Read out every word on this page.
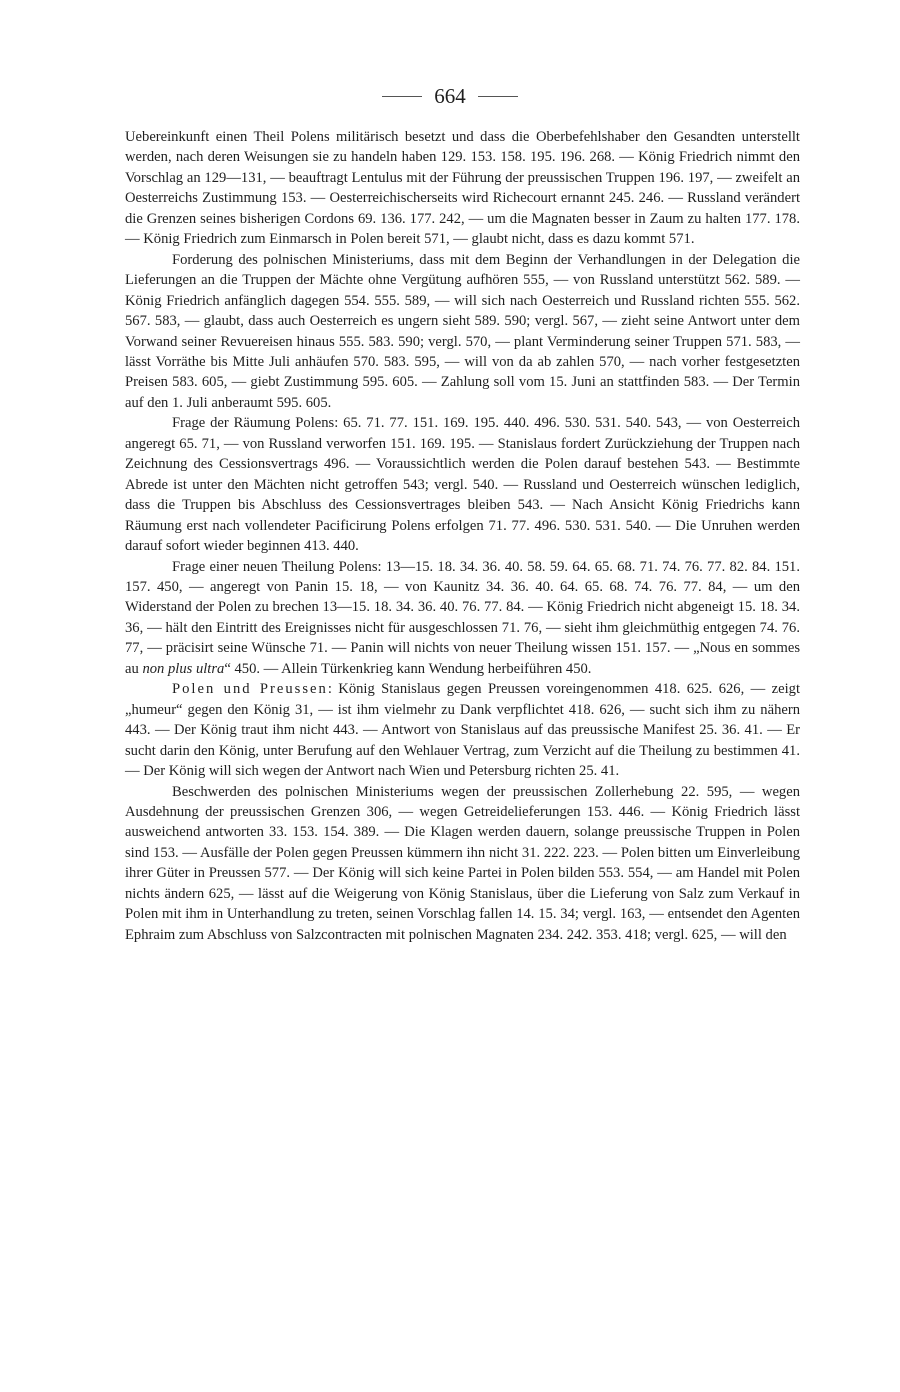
664

Uebereinkunft einen Theil Polens militärisch besetzt und dass die Oberbefehlshaber den Gesandten unterstellt werden, nach deren Weisungen sie zu handeln haben 129. 153. 158. 195. 196. 268. — König Friedrich nimmt den Vorschlag an 129—131, — beauftragt Lentulus mit der Führung der preussischen Truppen 196. 197, — zweifelt an Oesterreichs Zustimmung 153. — Oesterreichischerseits wird Richecourt ernannt 245. 246. — Russland verändert die Grenzen seines bisherigen Cordons 69. 136. 177. 242, — um die Magnaten besser in Zaum zu halten 177. 178. — König Friedrich zum Einmarsch in Polen bereit 571, — glaubt nicht, dass es dazu kommt 571.

Forderung des polnischen Ministeriums, dass mit dem Beginn der Verhandlungen in der Delegation die Lieferungen an die Truppen der Mächte ohne Vergütung aufhören 555, — von Russland unterstützt 562. 589. — König Friedrich anfänglich dagegen 554. 555. 589, — will sich nach Oesterreich und Russland richten 555. 562. 567. 583, — glaubt, dass auch Oesterreich es ungern sieht 589. 590; vergl. 567, — zieht seine Antwort unter dem Vorwand seiner Revuereisen hinaus 555. 583. 590; vergl. 570, — plant Verminderung seiner Truppen 571. 583, — lässt Vorräthe bis Mitte Juli anhäufen 570. 583. 595, — will von da ab zahlen 570, — nach vorher festgesetzten Preisen 583. 605, — giebt Zustimmung 595. 605. — Zahlung soll vom 15. Juni an stattfinden 583. — Der Termin auf den 1. Juli anberaumt 595. 605.

Frage der Räumung Polens: 65. 71. 77. 151. 169. 195. 440. 496. 530. 531. 540. 543, — von Oesterreich angeregt 65. 71, — von Russland verworfen 151. 169. 195. — Stanislaus fordert Zurückziehung der Truppen nach Zeichnung des Cessionsvertrags 496. — Voraussichtlich werden die Polen darauf bestehen 543. — Bestimmte Abrede ist unter den Mächten nicht getroffen 543; vergl. 540. — Russland und Oesterreich wünschen lediglich, dass die Truppen bis Abschluss des Cessionsvertrages bleiben 543. — Nach Ansicht König Friedrichs kann Räumung erst nach vollendeter Pacificirung Polens erfolgen 71. 77. 496. 530. 531. 540. — Die Unruhen werden darauf sofort wieder beginnen 413. 440.

Frage einer neuen Theilung Polens: 13—15. 18. 34. 36. 40. 58. 59. 64. 65. 68. 71. 74. 76. 77. 82. 84. 151. 157. 450, — angeregt von Panin 15. 18, — von Kaunitz 34. 36. 40. 64. 65. 68. 74. 76. 77. 84, — um den Widerstand der Polen zu brechen 13—15. 18. 34. 36. 40. 76. 77. 84. — König Friedrich nicht abgeneigt 15. 18. 34. 36, — hält den Eintritt des Ereignisses nicht für ausgeschlossen 71. 76, — sieht ihm gleichmüthig entgegen 74. 76. 77, — präcisirt seine Wünsche 71. — Panin will nichts von neuer Theilung wissen 151. 157. — „Nous en sommes au non plus ultra“ 450. — Allein Türkenkrieg kann Wendung herbeiführen 450.

Polen und Preussen: König Stanislaus gegen Preussen voreingenommen 418. 625. 626, — zeigt „humeur“ gegen den König 31, — ist ihm vielmehr zu Dank verpflichtet 418. 626, — sucht sich ihm zu nähern 443. — Der König traut ihm nicht 443. — Antwort von Stanislaus auf das preussische Manifest 25. 36. 41. — Er sucht darin den König, unter Berufung auf den Wehlauer Vertrag, zum Verzicht auf die Theilung zu bestimmen 41. — Der König will sich wegen der Antwort nach Wien und Petersburg richten 25. 41.

Beschwerden des polnischen Ministeriums wegen der preussischen Zollerhebung 22. 595, — wegen Ausdehnung der preussischen Grenzen 306, — wegen Getreidelieferungen 153. 446. — König Friedrich lässt ausweichend antworten 33. 153. 154. 389. — Die Klagen werden dauern, solange preussische Truppen in Polen sind 153. — Ausfälle der Polen gegen Preussen kümmern ihn nicht 31. 222. 223. — Polen bitten um Einverleibung ihrer Güter in Preussen 577. — Der König will sich keine Partei in Polen bilden 553. 554, — am Handel mit Polen nichts ändern 625, — lässt auf die Weigerung von König Stanislaus, über die Lieferung von Salz zum Verkauf in Polen mit ihm in Unterhandlung zu treten, seinen Vorschlag fallen 14. 15. 34; vergl. 163, — entsendet den Agenten Ephraim zum Abschluss von Salzcontracten mit polnischen Magnaten 234. 242. 353. 418; vergl. 625, — will den
